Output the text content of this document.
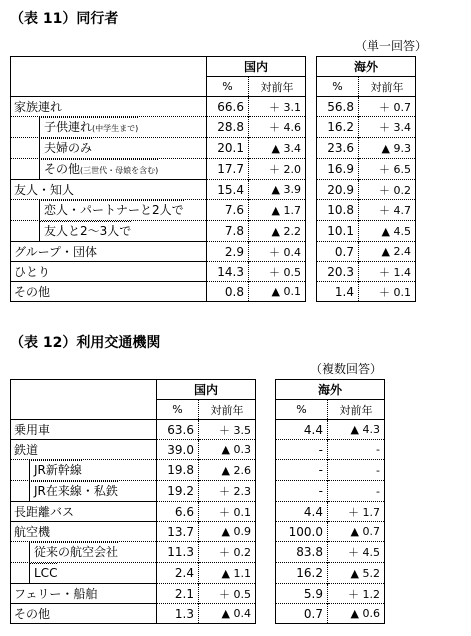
（表 11）同行者
（単一回答）
	国内			海外	
	%	対前年		%	対前年
家族連れ	66.6	＋ 3.1		56.8	＋ 0.7
子供連れ(中学生まで)	28.8	＋ 4.6		16.2	＋ 3.4
夫婦のみ	20.1	▲ 3.4		23.6	▲ 9.3
その他(三世代・母娘を含む)	17.7	＋ 2.0		16.9	＋ 6.5
友人・知人	15.4	▲ 3.9		20.9	＋ 0.2
恋人・パートナーと2人で	7.6	▲ 1.7		10.8	＋ 4.7
友人と2～3人で	7.8	▲ 2.2		10.1	▲ 4.5
グループ・団体	2.9	＋ 0.4		0.7	▲ 2.4
ひとり	14.3	＋ 0.5		20.3	＋ 1.4
その他	0.8	▲ 0.1		1.4	＋ 0.1
（表 12）利用交通機関
（複数回答）
	国内			海外	
	%	対前年		%	対前年
乗用車	63.6	＋ 3.5		4.4	▲ 4.3
鉄道	39.0	▲ 0.3		-	-
JR新幹線	19.8	▲ 2.6		-	-
JR在来線・私鉄	19.2	＋ 2.3		-	-
長距離バス	6.6	＋ 0.1		4.4	＋ 1.7
航空機	13.7	▲ 0.9		100.0	▲ 0.7
従来の航空会社	11.3	＋ 0.2		83.8	＋ 4.5
LCC	2.4	▲ 1.1		16.2	▲ 5.2
フェリー・船舶	2.1	＋ 0.5		5.9	＋ 1.2
その他	1.3	▲ 0.4		0.7	▲ 0.6
